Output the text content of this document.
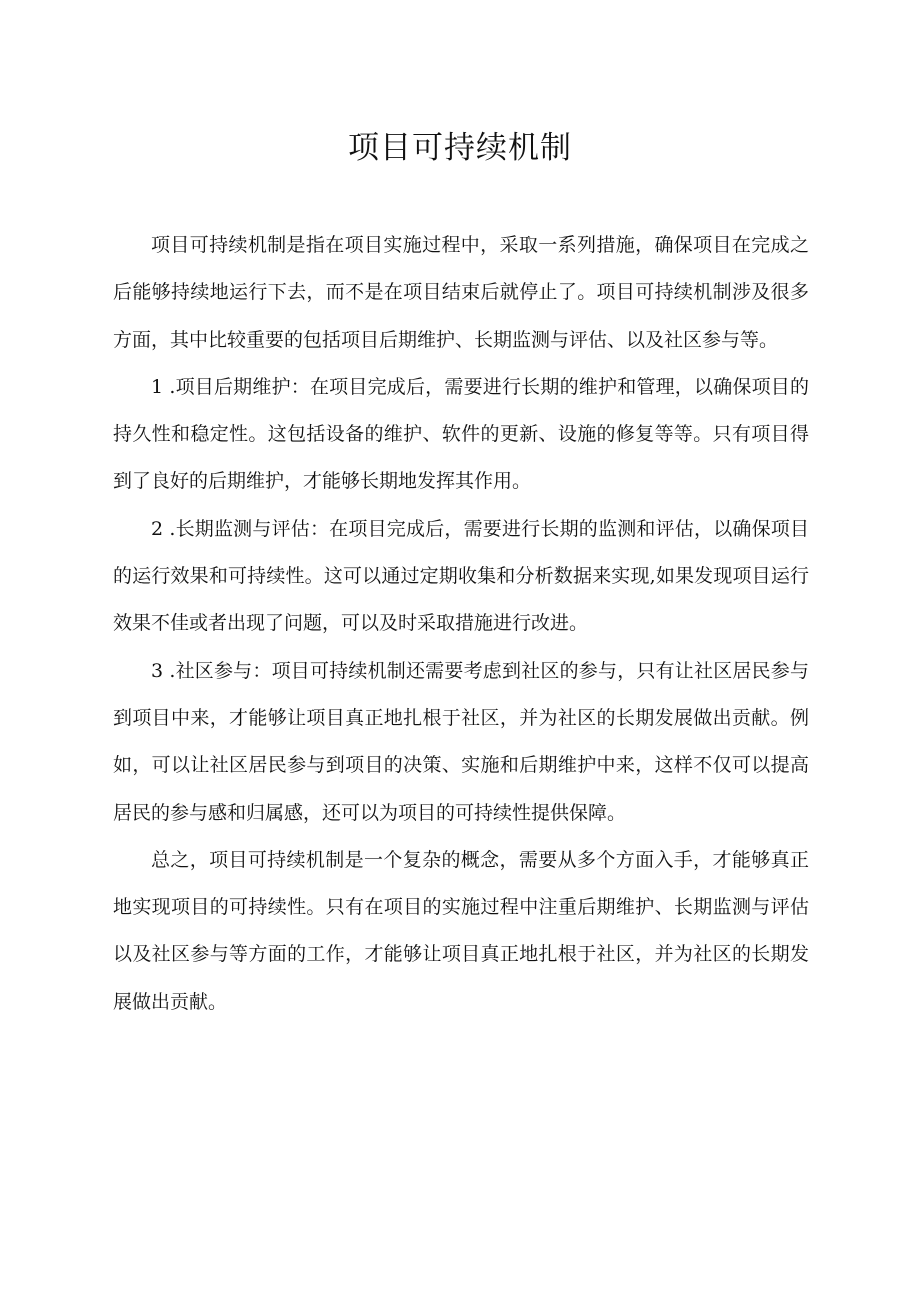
项目可持续机制

项目可持续机制是指在项目实施过程中，采取一系列措施，确保项目在完成之后能够持续地运行下去，而不是在项目结束后就停止了。项目可持续机制涉及很多方面，其中比较重要的包括项目后期维护、长期监测与评估、以及社区参与等。

1 .项目后期维护：在项目完成后，需要进行长期的维护和管理，以确保项目的持久性和稳定性。这包括设备的维护、软件的更新、设施的修复等等。只有项目得到了良好的后期维护，才能够长期地发挥其作用。

2 .长期监测与评估：在项目完成后，需要进行长期的监测和评估，以确保项目的运行效果和可持续性。这可以通过定期收集和分析数据来实现,如果发现项目运行效果不佳或者出现了问题，可以及时采取措施进行改进。

3 .社区参与：项目可持续机制还需要考虑到社区的参与，只有让社区居民参与到项目中来，才能够让项目真正地扎根于社区，并为社区的长期发展做出贡献。例如，可以让社区居民参与到项目的决策、实施和后期维护中来，这样不仅可以提高居民的参与感和归属感，还可以为项目的可持续性提供保障。

总之，项目可持续机制是一个复杂的概念，需要从多个方面入手，才能够真正地实现项目的可持续性。只有在项目的实施过程中注重后期维护、长期监测与评估以及社区参与等方面的工作，才能够让项目真正地扎根于社区，并为社区的长期发展做出贡献。
